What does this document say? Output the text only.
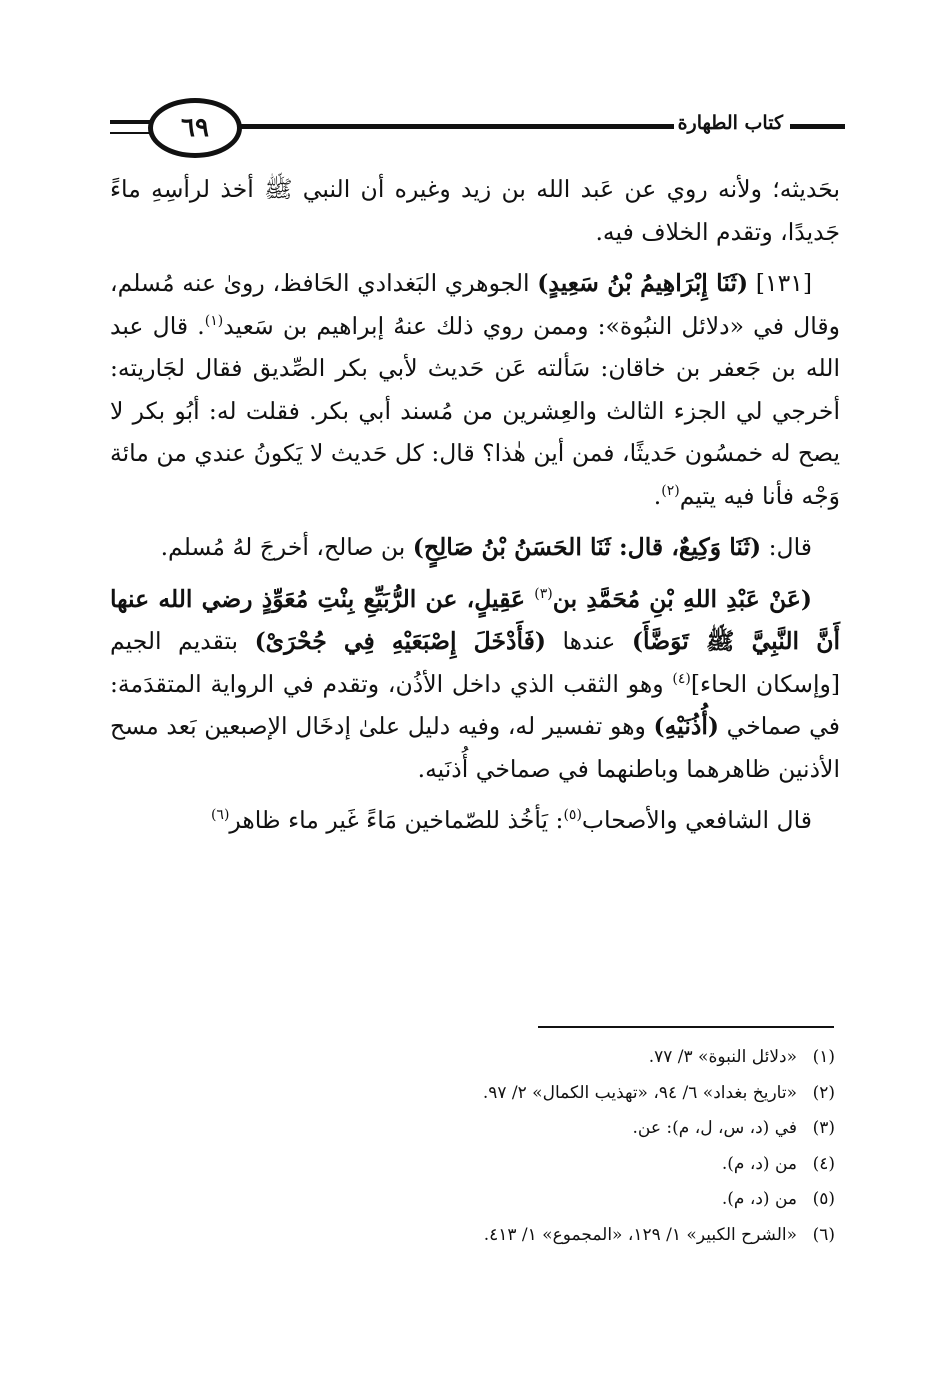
٦٩	كتاب الطهارة

بحَديثه؛ ولأنه روي عن عَبد الله بن زيد وغيره أن النبي ﷺ أخذ لرأسِهِ ماءً جَديدًا، وتقدم الخلاف فيه.

[١٣١] (ثَنَا إِبْرَاهِيمُ بْنُ سَعِيدٍ) الجوهري البَغدادي الحَافظ، روىٰ عنه مُسلم، وقال في «دلائل النبُوة»: وممن روي ذلك عنهُ إبراهيم بن سَعيد$^{(١)}$. قال عبد الله بن جَعفر بن خاقان: سَألته عَن حَديث لأبي بكر الصِّديق فقال لجَاريته: أخرجي لي الجزء الثالث والعِشرين من مُسند أبي بكر. فقلت له: أبُو بكر لا يصح له خمسُون حَديثًا، فمن أين هٰذا؟ قال: كل حَديث لا يَكونُ عندي من مائة وَجْه فأنا فيه يتيم$^{(٢)}$.

قال: (ثَنَا وَكِيعٌ، قال: ثَنَا الحَسَنُ بْنُ صَالِحٍ) بن صالح، أخرجَ لهُ مُسلم.

(عَنْ عَبْدِ اللهِ بْنِ مُحَمَّدِ بن$^{(٣)}$ عَقِيلٍ، عن الرُّبَيِّعِ بِنْتِ مُعَوِّذٍ رضي الله عنها أَنَّ النَّبِيَّ ﷺ تَوَضَّأَ) عندها (فَأَدْخَلَ إِصْبَعَيْهِ فِي جُحْرَىْ) بتقديم الجيم [وإسكان الحاء]$^{(٤)}$ وهو الثقب الذي داخل الأذُن، وتقدم في الرواية المتقدَمة: في صماخي (أُذُنَيْهِ) وهو تفسير له، وفيه دليل علىٰ إدخَال الإصبعين بَعد مسح الأذنين ظاهرهما وباطنهما في صماخي أُذنَيه.

قال الشافعي والأصحاب$^{(٥)}$: يَأخُذ للصّماخين مَاءً غَير ماء ظاهر$^{(٦)}$

(١)«دلائل النبوة» ٣/ ٧٧.
(٢)«تاريخ بغداد» ٦/ ٩٤، «تهذيب الكمال» ٢/ ٩٧.
(٣)في (د، س، ل، م): عن.
(٤)من (د، م).
(٥)من (د، م).
(٦)«الشرح الكبير» ١/ ١٢٩، «المجموع» ١/ ٤١٣.
